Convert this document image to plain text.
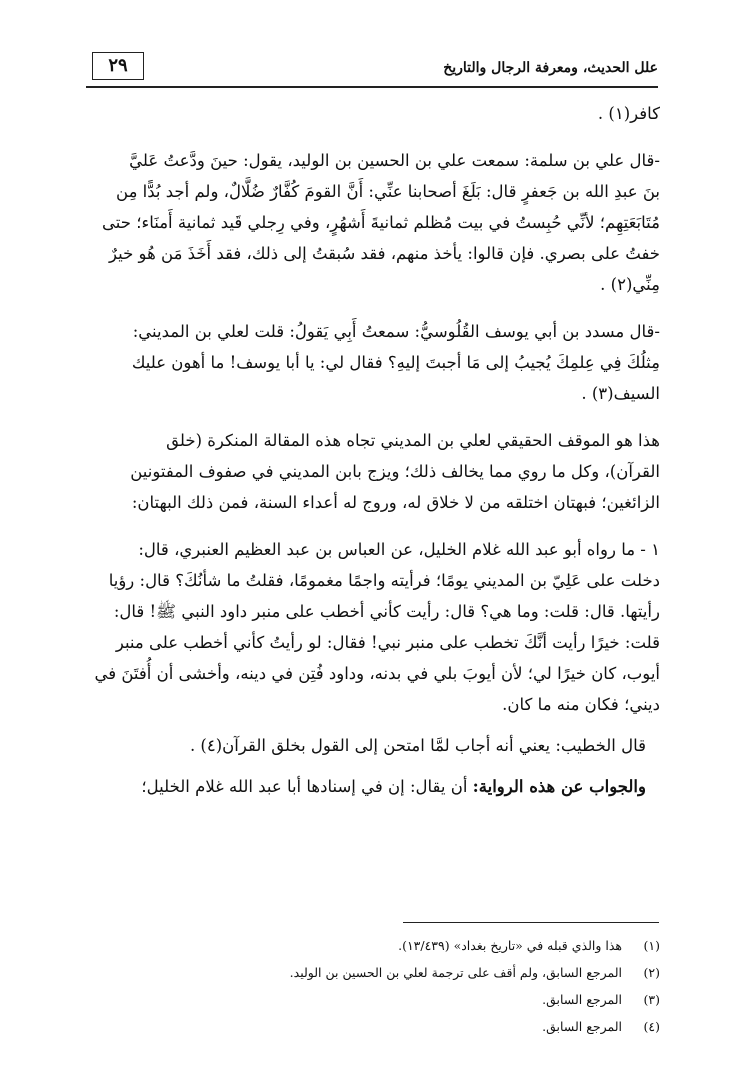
٢٩	علل الحديث، ومعرفة الرجال والتاريخ

كافر(١) .

-قال علي بن سلمة: سمعت علي بن الحسين بن الوليد، يقول: حينَ ودَّعتُ عَليَّ

بنَ عبدِ الله بن جَعفرٍ قال: بَلَغَ أصحابنا عنِّي: أَنَّ القومَ كُفَّارٌ ضُلَّالٌ، ولم أجد بُدًّا مِن

مُتَابَعَتِهِم؛ لأنِّي حُبِستُ في بيت مُظلم ثمانيةَ أَشهُرٍ، وفي رِجلي قَيد ثمانية أَمنَاء؛ حتى

خفتُ على بصري. فإن قالوا: يأخذ منهم، فقد سُبقتُ إلى ذلك، فقد أَخَذَ مَن هُو خيرٌ

مِنِّي(٢) .

-قال مسدد بن أبي يوسف القُلُوسيُّ: سمعتُ أَبِي يَقولُ: قلت لعلي بن المديني:

مِثلُكَ فِي عِلمِكَ يُجيبُ إلى مَا أجبتَ إليهِ؟ فقال لي: يا أبا يوسف! ما أهون عليك

السيف(٣) .

هذا هو الموقف الحقيقي لعلي بن المديني تجاه هذه المقالة المنكرة (خلق

القرآن)، وكل ما روي مما يخالف ذلك؛ ويزج بابن المديني في صفوف المفتونين

الزائغين؛ فبهتان اختلقه من لا خلاق له، وروج له أعداء السنة، فمن ذلك البهتان:

١ - ما رواه أبو عبد الله غلام الخليل، عن العباس بن عبد العظيم العنبري، قال:

دخلت على عَلِيّ بن المديني يومًا؛ فرأيته واجمًا مغمومًا، فقلتُ ما شأنُكَ؟ قال: رؤيا

رأيتها. قال: قلت: وما هي؟ قال: رأيت كأني أخطب على منبر داود النبي ﷺ! قال:

قلت: خيرًا رأيت أنَّكَ تخطب على منبر نبي! فقال: لو رأيتُ كأني أخطب على منبر

أيوب، كان خيرًا لي؛ لأن أيوبَ بلي في بدنه، وداود فُتِن في دينه، وأخشى أن أُفتَنَ في

ديني؛ فكان منه ما كان.

قال الخطيب: يعني أنه أجاب لمَّا امتحن إلى القول بخلق القرآن(٤) .

والجواب عن هذه الرواية: أن يقال: إن في إسنادها أبا عبد الله غلام الخليل؛

(١)هذا والذي قبله في «تاريخ بغداد» (١٣/٤٣٩).
(٢)المرجع السابق، ولم أقف على ترجمة لعلي بن الحسين بن الوليد.
(٣)المرجع السابق.
(٤)المرجع السابق.
